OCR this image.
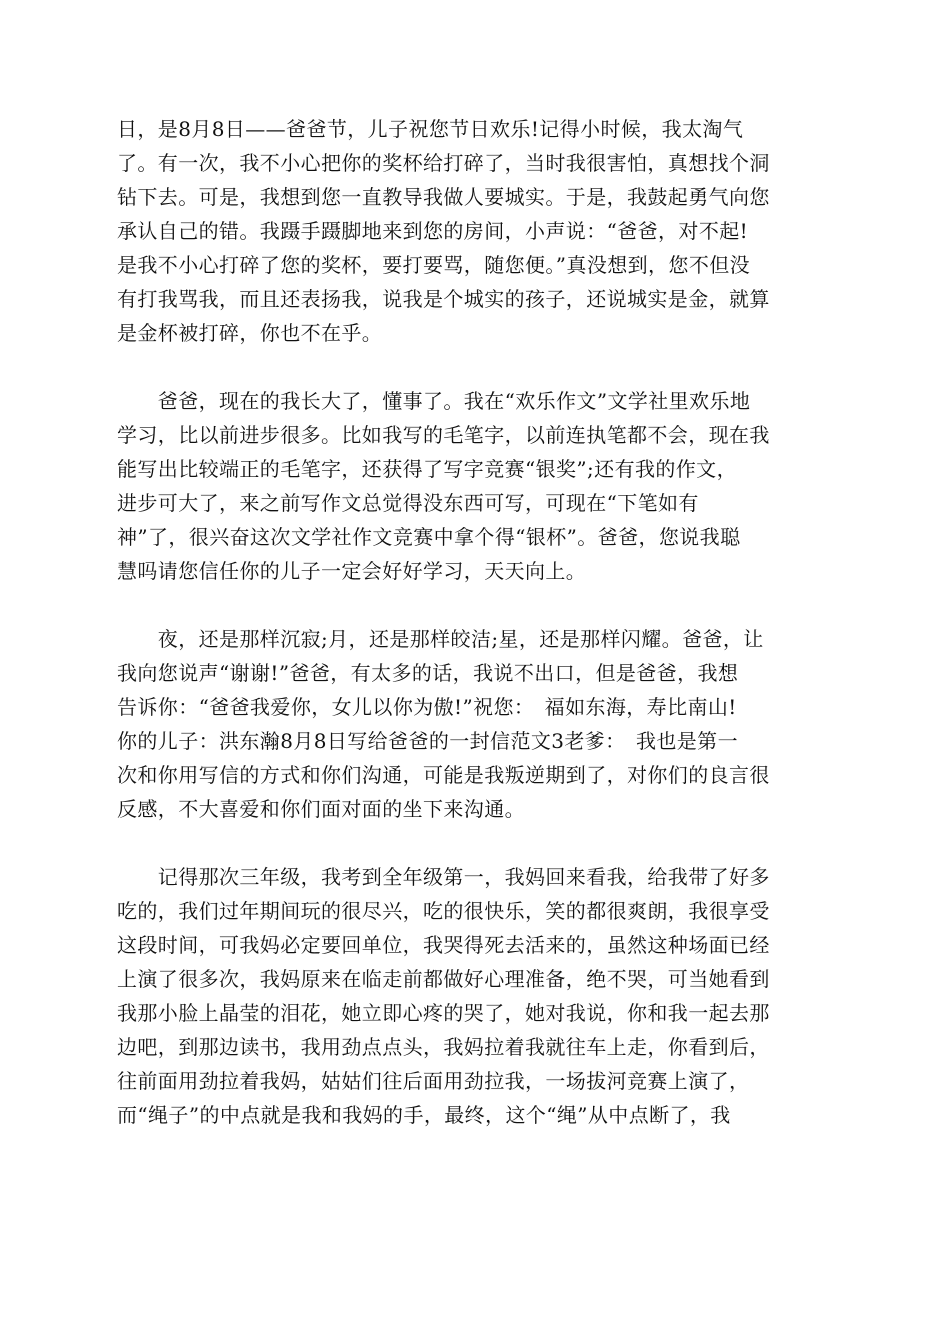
日，是8月8日——爸爸节，儿子祝您节日欢乐!记得小时候，我太淘气
了。有一次，我不小心把你的奖杯给打碎了，当时我很害怕，真想找个洞
钻下去。可是，我想到您一直教导我做人要城实。于是，我鼓起勇气向您
承认自己的错。我蹑手蹑脚地来到您的房间，小声说：“爸爸，对不起!
是我不小心打碎了您的奖杯，要打要骂，随您便。”真没想到，您不但没
有打我骂我，而且还表扬我，说我是个城实的孩子，还说城实是金，就算
是金杯被打碎，你也不在乎。
　　爸爸，现在的我长大了，懂事了。我在“欢乐作文”文学社里欢乐地
学习，比以前进步很多。比如我写的毛笔字，以前连执笔都不会，现在我
能写出比较端正的毛笔字，还获得了写字竞赛“银奖”;还有我的作文，
进步可大了，来之前写作文总觉得没东西可写，可现在“下笔如有
神”了，很兴奋这次文学社作文竞赛中拿个得“银杯”。爸爸，您说我聪
慧吗请您信任你的儿子一定会好好学习，天天向上。
　　夜，还是那样沉寂;月，还是那样皎洁;星，还是那样闪耀。爸爸，让
我向您说声“谢谢!”爸爸，有太多的话，我说不出口，但是爸爸，我想
告诉你：“爸爸我爱你，女儿以你为傲!”祝您：　福如东海，寿比南山!
你的儿子：洪东瀚8月8日写给爸爸的一封信范文3老爹：　我也是第一
次和你用写信的方式和你们沟通，可能是我叛逆期到了，对你们的良言很
反感，不大喜爱和你们面对面的坐下来沟通。
　　记得那次三年级，我考到全年级第一，我妈回来看我，给我带了好多
吃的，我们过年期间玩的很尽兴，吃的很快乐，笑的都很爽朗，我很享受
这段时间，可我妈必定要回单位，我哭得死去活来的，虽然这种场面已经
上演了很多次，我妈原来在临走前都做好心理准备，绝不哭，可当她看到
我那小脸上晶莹的泪花，她立即心疼的哭了，她对我说，你和我一起去那
边吧，到那边读书，我用劲点点头，我妈拉着我就往车上走，你看到后，
往前面用劲拉着我妈，姑姑们往后面用劲拉我，一场拔河竞赛上演了，
而“绳子”的中点就是我和我妈的手，最终，这个“绳”从中点断了，我
